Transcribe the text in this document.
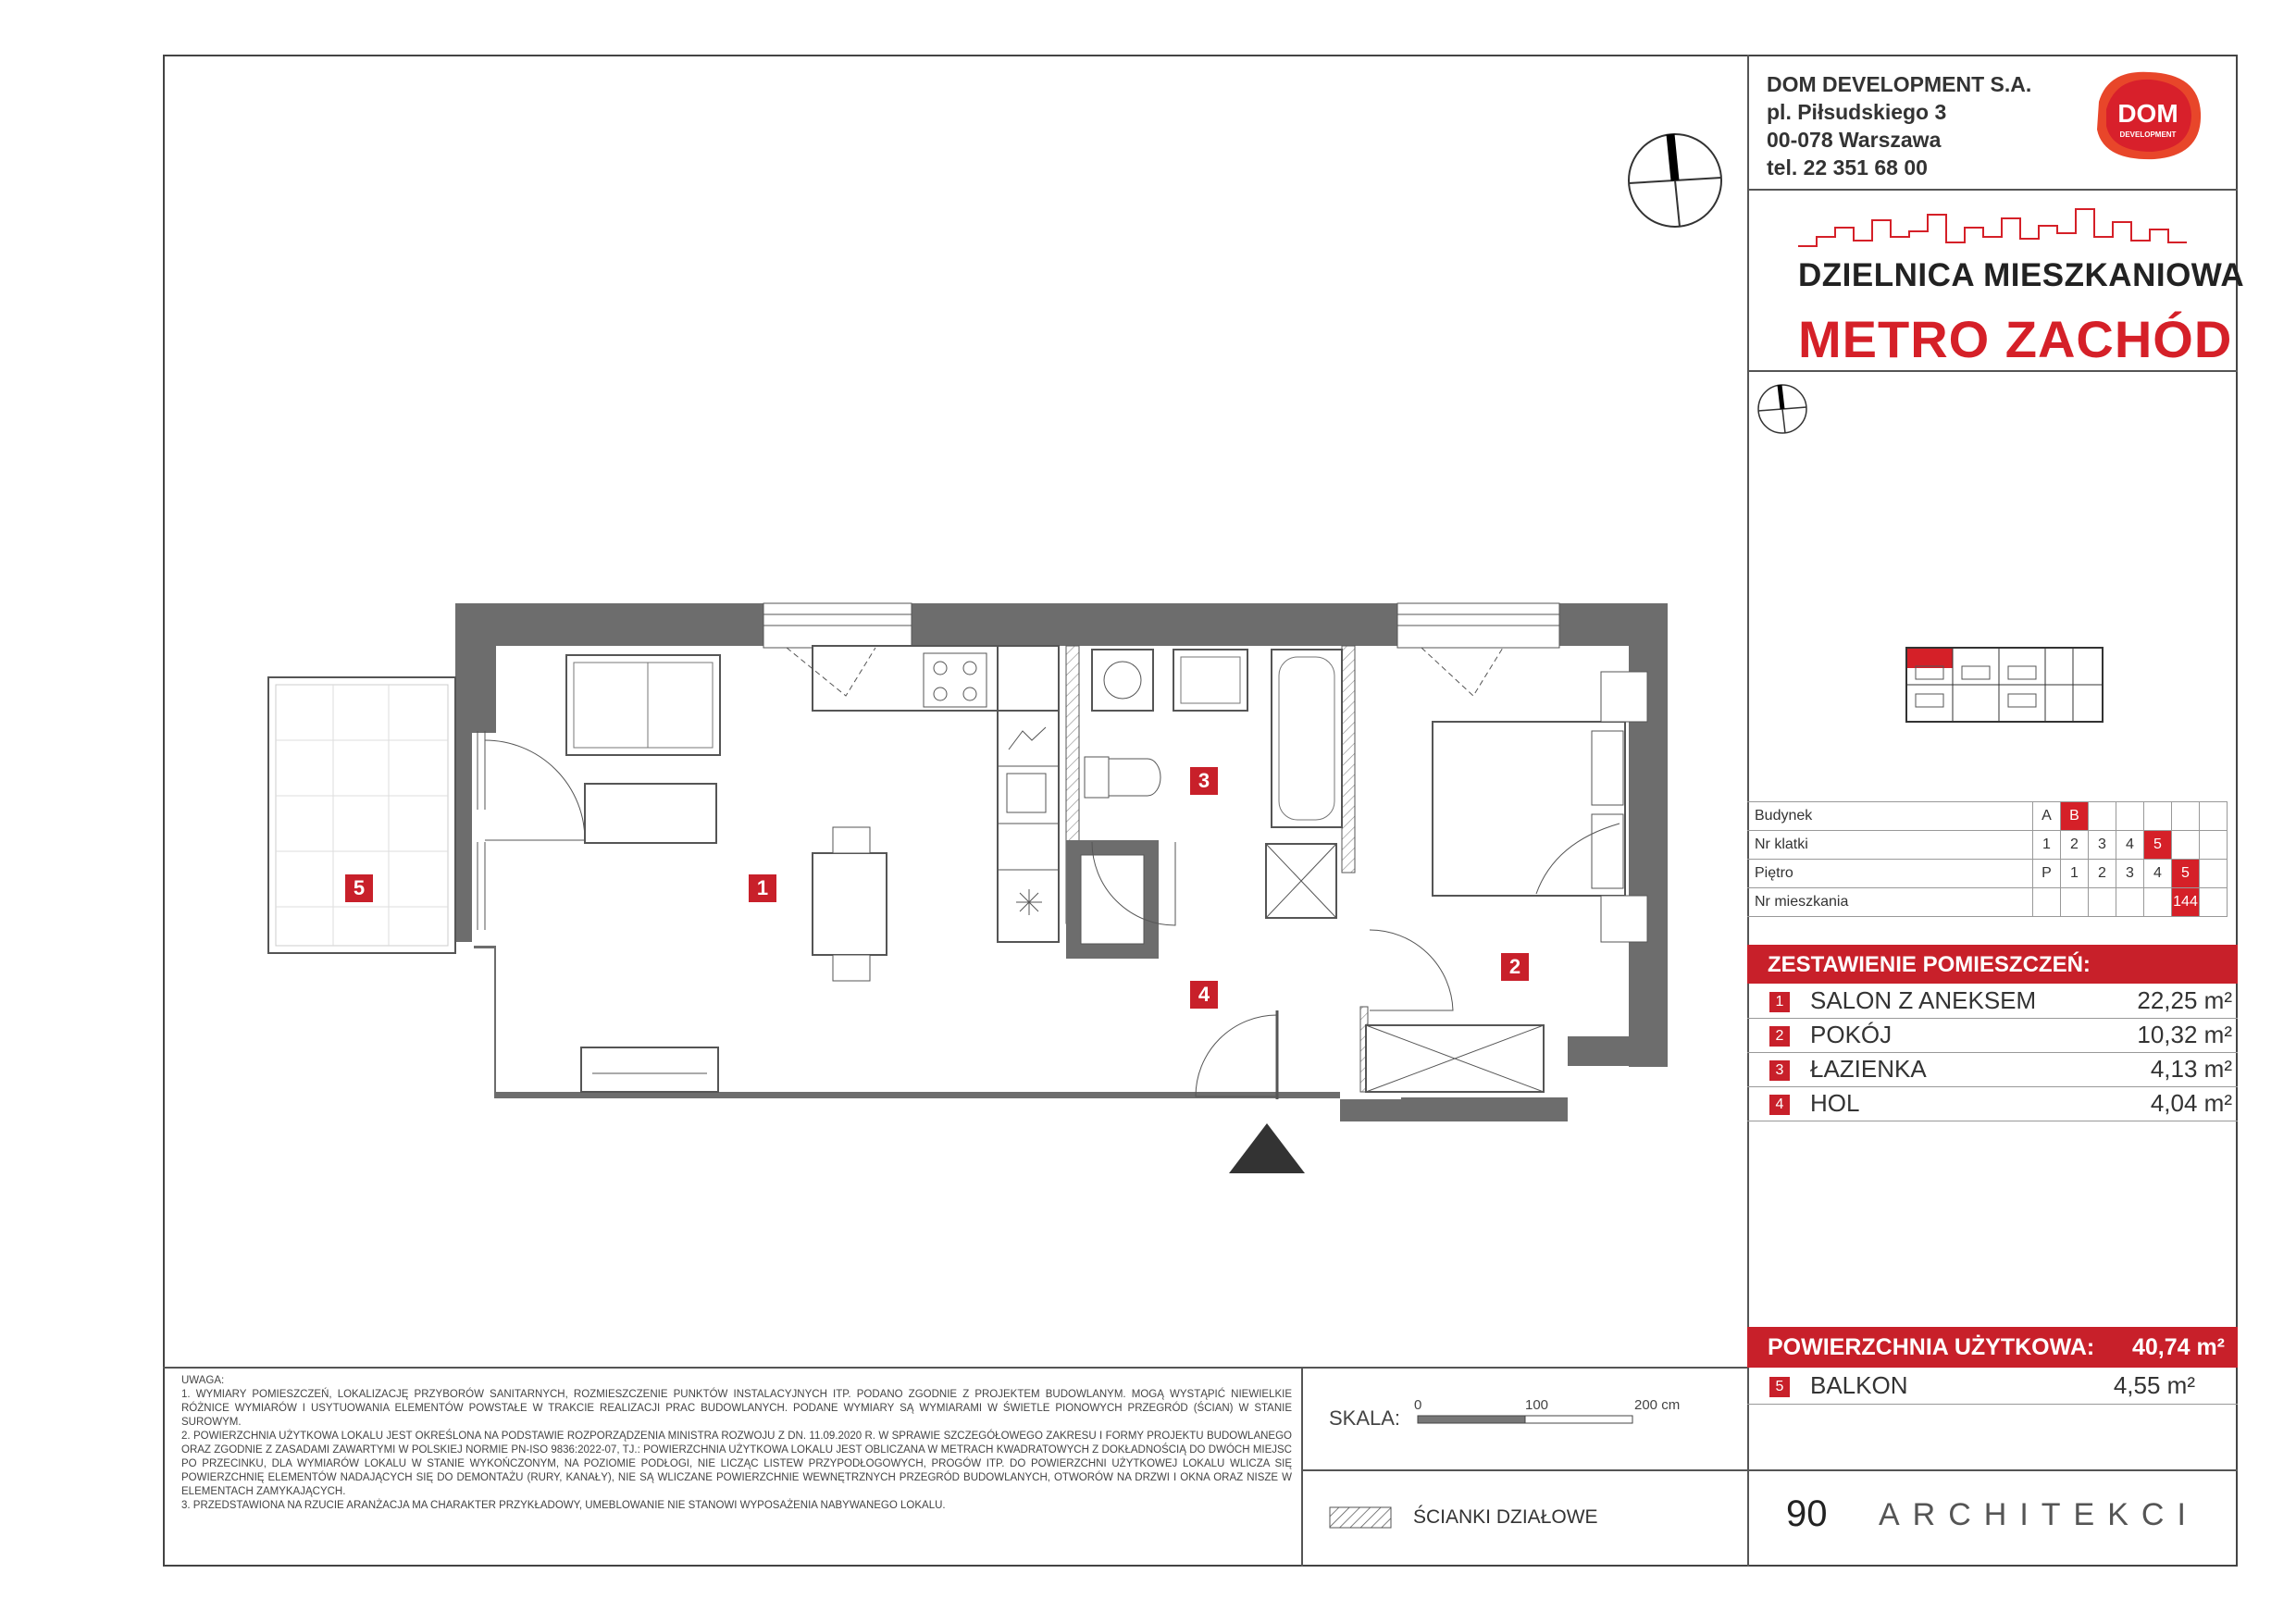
DOM DEVELOPMENT S.A.
pl. Piłsudskiego 3
00-078 Warszawa
tel. 22 351 68 00
DOM
DEVELOPMENT
DZIELNICA MIESZKANIOWA
METRO ZACHÓD
Budynek	A	B					
Nr klatki	1	2	3	4	5		
Piętro	P	1	2	3	4	5	
Nr mieszkania						144	
ZESTAWIENIE POMIESZCZEŃ:
1 SALON Z ANEKSEM	22,25 m²
2 POKÓJ	10,32 m²
3 ŁAZIENKA	4,13 m²
4 HOL	4,04 m²
POWIERZCHNIA UŻYTKOWA: 40,74 m²
5 BALKON	4,55 m²
SKALA:
0	100	200 cm
ŚCIANKI DZIAŁOWE	90 ARCHITEKCI
UWAGA:
1. WYMIARY POMIESZCZEŃ, LOKALIZACJĘ PRZYBORÓW SANITARNYCH, ROZMIESZCZENIE PUNKTÓW INSTALACYJNYCH ITP. PODANO ZGODNIE Z PROJEKTEM BUDOWLANYM. MOGĄ WYSTĄPIĆ NIEWIELKIE RÓŻNICE WYMIARÓW I USYTUOWANIA ELEMENTÓW POWSTAŁE W TRAKCIE REALIZACJI PRAC BUDOWLANYCH. PODANE WYMIARY SĄ WYMIARAMI W ŚWIETLE PIONOWYCH PRZEGRÓD (ŚCIAN) W STANIE SUROWYM.
2. POWIERZCHNIA UŻYTKOWA LOKALU JEST OKREŚLONA NA PODSTAWIE ROZPORZĄDZENIA MINISTRA ROZWOJU Z DN. 11.09.2020 R. W SPRAWIE SZCZEGÓŁOWEGO ZAKRESU I FORMY PROJEKTU BUDOWLANEGO ORAZ ZGODNIE Z ZASADAMI ZAWARTYMI W POLSKIEJ NORMIE PN-ISO 9836:2022-07, TJ.: POWIERZCHNIA UŻYTKOWA LOKALU JEST OBLICZANA W METRACH KWADRATOWYCH Z DOKŁADNOŚCIĄ DO DWÓCH MIEJSC PO PRZECINKU, DLA WYMIARÓW LOKALU W STANIE WYKOŃCZONYM, NA POZIOMIE PODŁOGI, NIE LICZĄC LISTEW PRZYPODŁOGOWYCH, PROGÓW ITP. DO POWIERZCHNI UŻYTKOWEJ LOKALU WLICZA SIĘ POWIERZCHNIĘ ELEMENTÓW NADAJĄCYCH SIĘ DO DEMONTAŻU (RURY, KANAŁY), NIE SĄ WLICZANE POWIERZCHNIE WEWNĘTRZNYCH PRZEGRÓD BUDOWLANYCH, OTWORÓW NA DRZWI I OKNA ORAZ NISZE W ELEMENTACH ZAMYKAJĄCYCH.
3. PRZEDSTAWIONA NA RZUCIE ARANŻACJA MA CHARAKTER PRZYKŁADOWY, UMEBLOWANIE NIE STANOWI WYPOSAŻENIA NABYWANEGO LOKALU.
5	1
3
4
2
